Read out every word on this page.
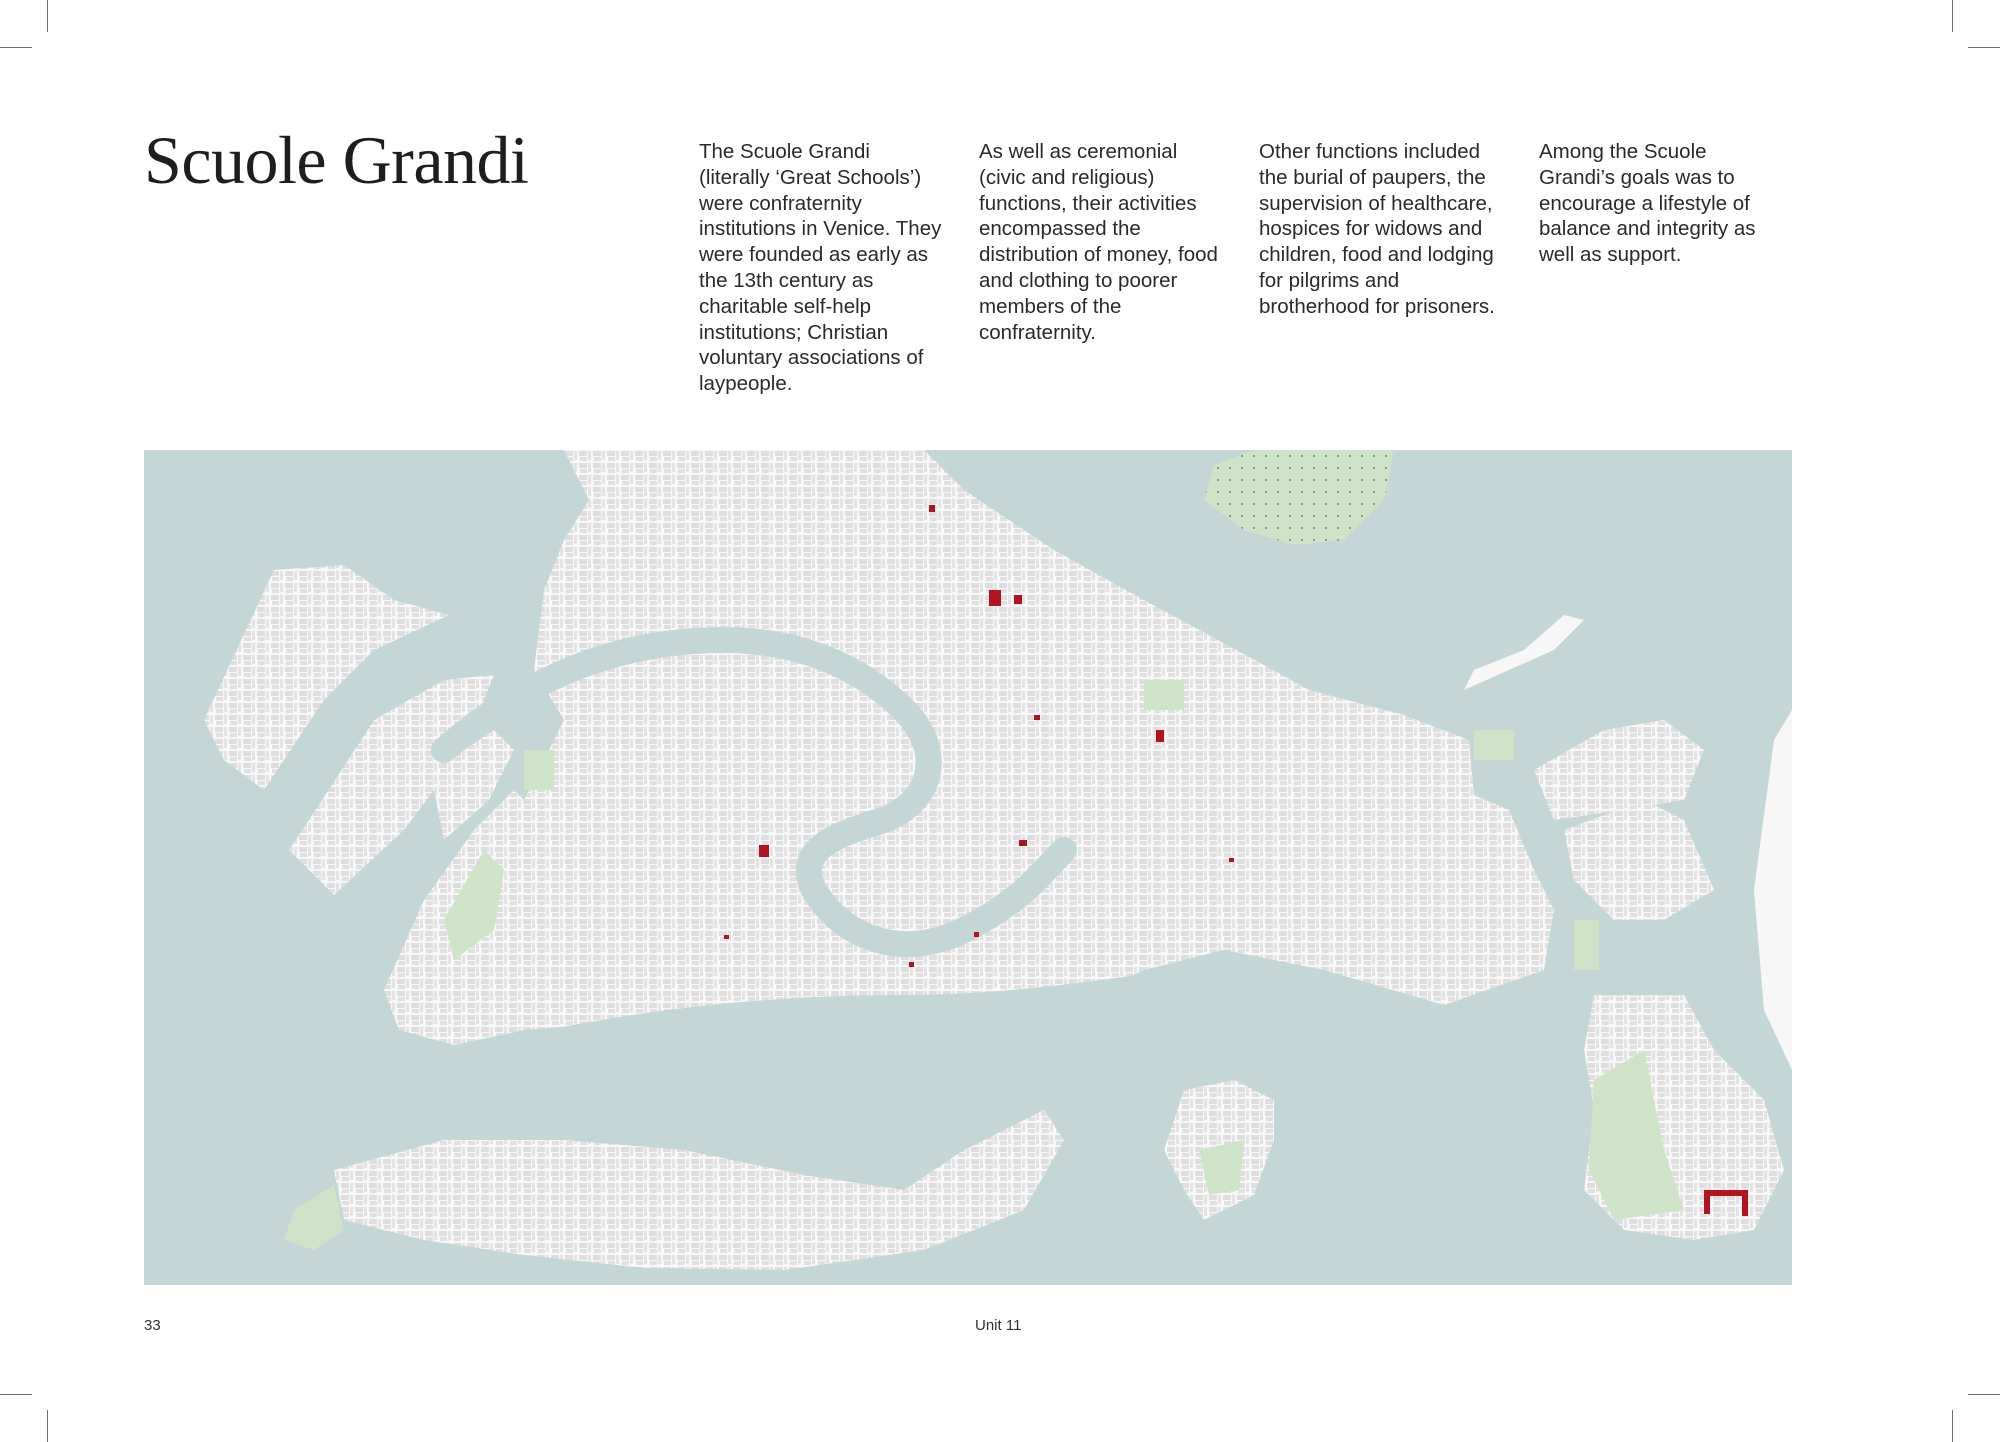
Scuole Grandi	The Scuole Grandi (literally ‘Great Schools’) were confraternity institutions in Venice. They were founded as early as the 13th century as charitable self-help institutions; Christian voluntary associations of laypeople.

As well as ceremonial (civic and religious) functions, their activities encompassed the distribution of money, food and clothing to poorer members of the confraternity.

Other functions included the burial of paupers, the supervision of healthcare, hospices for widows and children, food and lodging for pilgrims and brotherhood for prisoners.

Among the Scuole Grandi’s goals was to encourage a lifestyle of balance and integrity as well as support.

33	Unit 11
